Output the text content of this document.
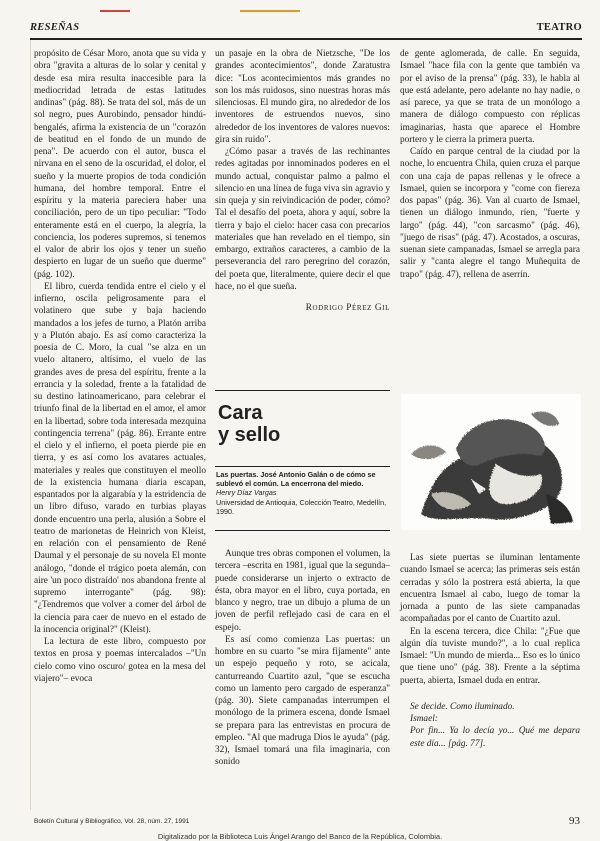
RESEÑAS	TEATRO

propósito de César Moro, anota que su vida y obra "gravita a alturas de lo solar y cenital y desde esa mira resulta inaccesible para la mediocridad letrada de estas latitudes andinas" (pág. 88). Se trata del sol, más de un sol negro, pues Aurobindo, pensador hindú-bengalés, afirma la existencia de un "corazón de beatitud en el fondo de un mundo de pena". De acuerdo con el autor, busca el nirvana en el seno de la oscuridad, el dolor, el sueño y la muerte propios de toda condición humana, del hombre temporal. Entre el espíritu y la materia pareciera haber una conciliación, pero de un tipo peculiar: "Todo enteramente está en el cuerpo, la alegría, la conciencia, los poderes supremos, si tenemos el valor de abrir los ojos y tener un sueño despierto en lugar de un sueño que duerme" (pág. 102).

El libro, cuerda tendida entre el cielo y el infierno, oscila peligrosamente para el volatinero que sube y baja haciendo mandados a los jefes de turno, a Platón arriba y a Plutón abajo. Es así como caracteriza la poesía de C. Moro, la cual "se alza en un vuelo altanero, altísimo, el vuelo de las grandes aves de presa del espíritu, frente a la errancia y la soledad, frente a la fatalidad de su destino latinoamericano, para celebrar el triunfo final de la libertad en el amor, el amor en la libertad, sobre toda interesada mezquina contingencia terrena" (pág. 86). Errante entre el cielo y el infierno, el poeta pierde pie en tierra, y es así como los avatares actuales, materiales y reales que constituyen el meollo de la existencia humana diaria escapan, espantados por la algarabía y la estridencia de un libro difuso, varado en turbias playas donde encuentro una perla, alusión a Sobre el teatro de marionetas de Heinrich von Kleist, en relación con el pensamiento de René Daumal y el personaje de su novela El monte análogo, "donde el trágico poeta alemán, con aire 'un poco distraído' nos abandona frente al supremo interrogante" (pág. 98): "¿Tendremos que volver a comer del árbol de la ciencia para caer de nuevo en el estado de la inocencia original?" (Kleist).

La lectura de este libro, compuesto por textos en prosa y poemas intercalados –"Un cielo como vino oscuro/ gotea en la mesa del viajero"– evoca

un pasaje en la obra de Nietzsche, "De los grandes acontecimientos", donde Zaratustra dice: "Los acontecimientos más grandes no son los más ruidosos, sino nuestras horas más silenciosas. El mundo gira, no alrededor de los inventores de estruendos nuevos, sino alrededor de los inventores de valores nuevos: gira sin ruido".

¿Cómo pasar a través de las rechinantes redes agitadas por innominados poderes en el mundo actual, conquistar palmo a palmo el silencio en una línea de fuga viva sin agravio y sin queja y sin reivindicación de poder, cómo? Tal el desafío del poeta, ahora y aquí, sobre la tierra y bajo el cielo: hacer casa con precarios materiales que han revelado en el tiempo, sin embargo, extraños caracteres, a cambio de la perseverancia del raro peregrino del corazón, del poeta que, literalmente, quiere decir el que hace, no el que sueña.

Rodrigo Pérez Gil
Cara
y sello
Las puertas. José Antonio Galán o de cómo se sublevó el común. La encerrona del miedo.
Henry Díaz Vargas
Universidad de Antioquia, Colección Teatro, Medellín, 1990.

Aunque tres obras componen el volumen, la tercera –escrita en 1981, igual que la segunda– puede considerarse un injerto o extracto de ésta, obra mayor en el libro, cuya portada, en blanco y negro, trae un dibujo a pluma de un joven de perfil reflejado casi de cara en el espejo.

Es así como comienza Las puertas: un hombre en su cuarto "se mira fijamente" ante un espejo pequeño y roto, se acicala, canturreando Cuartito azul, "que se escucha como un lamento pero cargado de esperanza" (pág. 30). Siete campanadas interrumpen el monólogo de la primera escena, donde Ismael se prepara para las entrevistas en procura de empleo. "Al que madruga Dios le ayuda" (pág. 32), Ismael tomará una fila imaginaria, con sonido

de gente aglomerada, de calle. En seguida, Ismael "hace fila con la gente que también va por el aviso de la prensa" (pág. 33), le habla al que está adelante, pero adelante no hay nadie, o así parece, ya que se trata de un monólogo a manera de diálogo compuesto con réplicas imaginarias, hasta que aparece el Hombre portero y le cierra la primera puerta.

Caído en parque central de la ciudad por la noche, lo encuentra Chila, quien cruza el parque con una caja de papas rellenas y le ofrece a Ismael, quien se incorpora y "come con fiereza dos papas" (pág. 36). Van al cuarto de Ismael, tienen un diálogo inmundo, ríen, "fuerte y largo" (pág. 44), "con sarcasmo" (pág. 46), "juego de risas" (pág. 47). Acostados, a oscuras, suenan siete campanadas, Ismael se arregla para salir y "canta alegre el tango Muñequita de trapo" (pág. 47), rellena de aserrín.

Las siete puertas se iluminan lentamente cuando Ismael se acerca; las primeras seis están cerradas y sólo la postrera está abierta, la que encuentra Ismael al cabo, luego de tomar la jornada a punto de las siete campanadas acompañadas por el canto de Cuartito azul.

En la escena tercera, dice Chila: "¿Fue que algún día tuviste mundo?", a lo cual replica Ismael: "Un mundo de mierda... Eso es lo único que tiene uno" (pág. 38). Frente a la séptima puerta, abierta, Ismael duda en entrar.

Se decide. Como iluminado.
Ismael:
Por fin... Ya lo decía yo... Qué me depara este día... [pág. 77].
Boletín Cultural y Bibliográfico, Vol. 28, núm. 27, 1991	93
Digitalizado por la Biblioteca Luis Ángel Arango del Banco de la República, Colombia.
